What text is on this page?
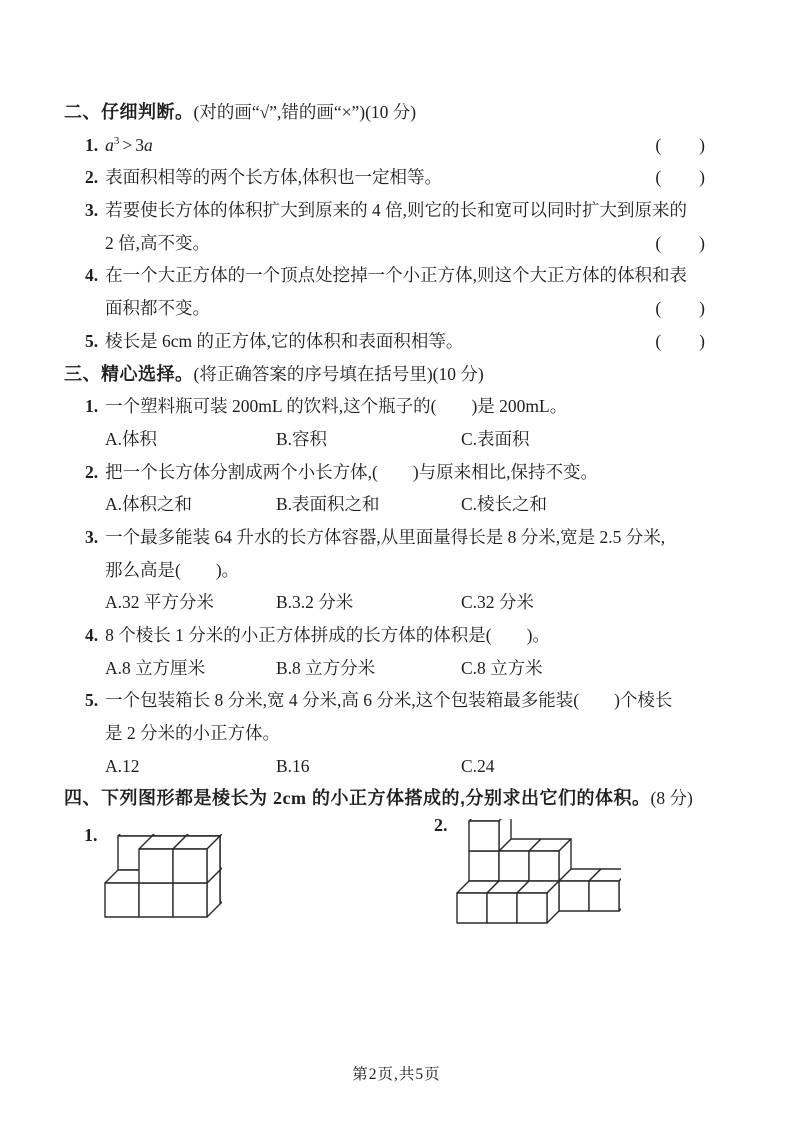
二、仔细判断。(对的画“√”,错的画“×”)(10 分)
1. $a^3 > 3a$	(　　)
2. 表面积相等的两个长方体,体积也一定相等。	(　　)
3. 若要使长方体的体积扩大到原来的 4 倍,则它的长和宽可以同时扩大到原来的
2 倍,高不变。	(　　)
4. 在一个大正方体的一个顶点处挖掉一个小正方体,则这个大正方体的体积和表
面积都不变。	(　　)
5. 棱长是 6cm 的正方体,它的体积和表面积相等。	(　　)
三、精心选择。(将正确答案的序号填在括号里)(10 分)
1. 一个塑料瓶可装 200mL 的饮料,这个瓶子的(　　)是 200mL。
A.体积	B.容积	C.表面积
2. 把一个长方体分割成两个小长方体,(　　)与原来相比,保持不变。
A.体积之和	B.表面积之和	C.棱长之和
3. 一个最多能装 64 升水的长方体容器,从里面量得长是 8 分米,宽是 2.5 分米,
那么高是(　　)。
A.32 平方分米	B.3.2 分米	C.32 分米
4. 8 个棱长 1 分米的小正方体拼成的长方体的体积是(　　)。
A.8 立方厘米	B.8 立方分米	C.8 立方米
5. 一个包装箱长 8 分米,宽 4 分米,高 6 分米,这个包装箱最多能装(　　)个棱长
是 2 分米的小正方体。
A.12	B.16	C.24
四、下列图形都是棱长为 2cm 的小正方体搭成的,分别求出它们的体积。(8 分)
1.	2.
第2页,共5页
